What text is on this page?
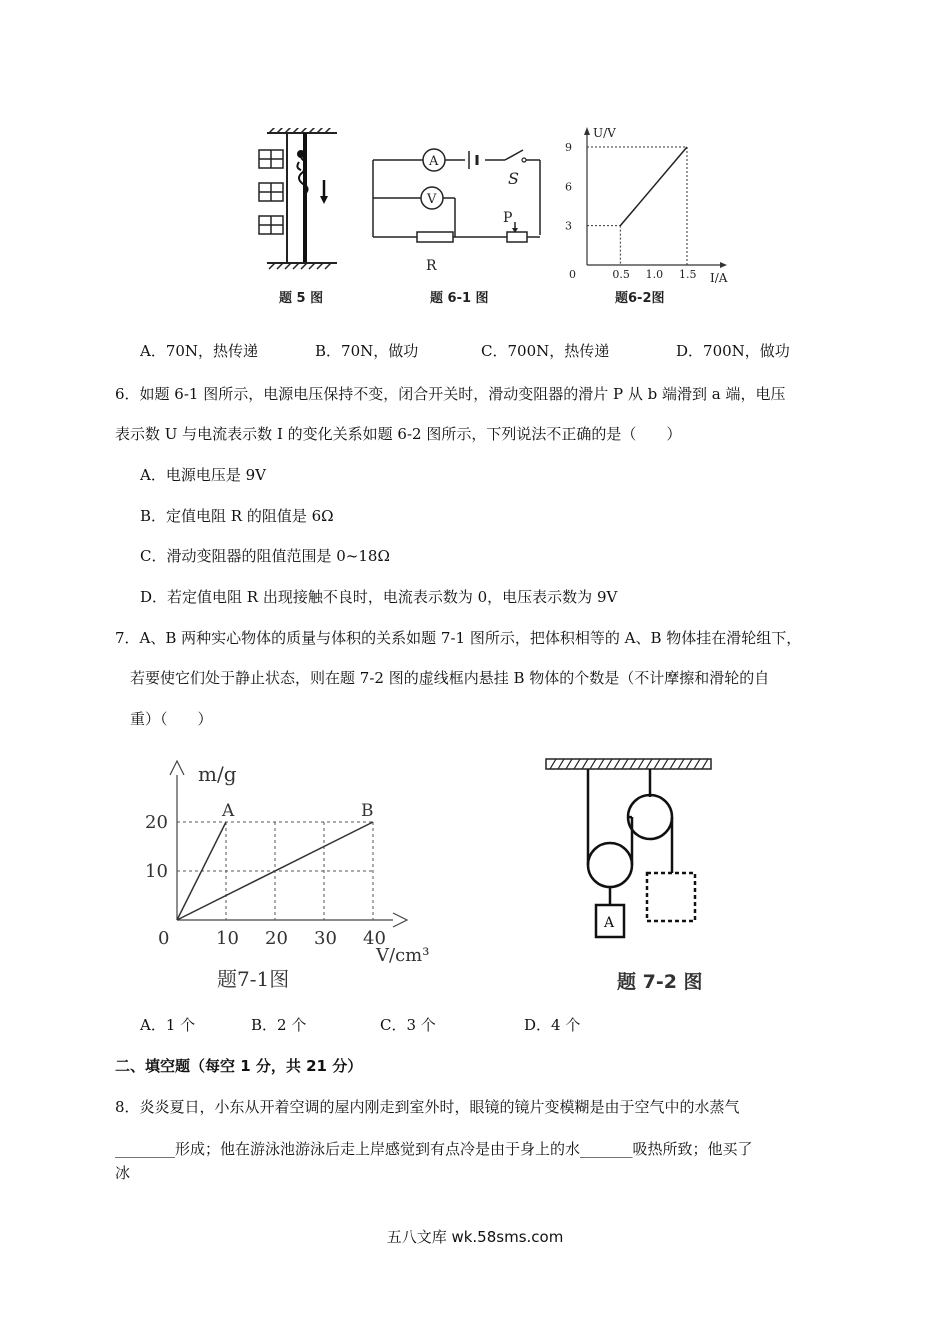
题 5 图
A
S
V
R
P
题 6-1 图
U/V
I/A
0
9
6
3
0.5 1.0 1.5
题6-2图
A．70N，热传递	B．70N，做功	C．700N，热传递	D．700N，做功
6．如题 6-1 图所示，电源电压保持不变，闭合开关时，滑动变阻器的滑片 P 从 b 端滑到 a 端，电压
表示数 U 与电流表示数 I 的变化关系如题 6-2 图所示，下列说法不正确的是（　　）
A．电源电压是 9V
B．定值电阻 R 的阻值是 6Ω
C．滑动变阻器的阻值范围是 0~18Ω
D．若定值电阻 R 出现接触不良时，电流表示数为 0，电压表示数为 9V
7．A、B 两种实心物体的质量与体积的关系如题 7-1 图所示，把体积相等的 A、B 物体挂在滑轮组下，
若要使它们处于静止状态，则在题 7-2 图的虚线框内悬挂 B 物体的个数是（不计摩擦和滑轮的自
重）（　　）
m/g
V/cm³
0
A	B
20
10
10 20 30 40
题7-1图
A
题 7-2 图
A．1 个	B．2 个	C．3 个	D．4 个
二、填空题（每空 1 分，共 21 分）
8．炎炎夏日，小东从开着空调的屋内刚走到室外时，眼镜的镜片变模糊是由于空气中的水蒸气
________形成；他在游泳池游泳后走上岸感觉到有点冷是由于身上的水_______吸热所致；他买了
冰
五八文库 wk.58sms.com
